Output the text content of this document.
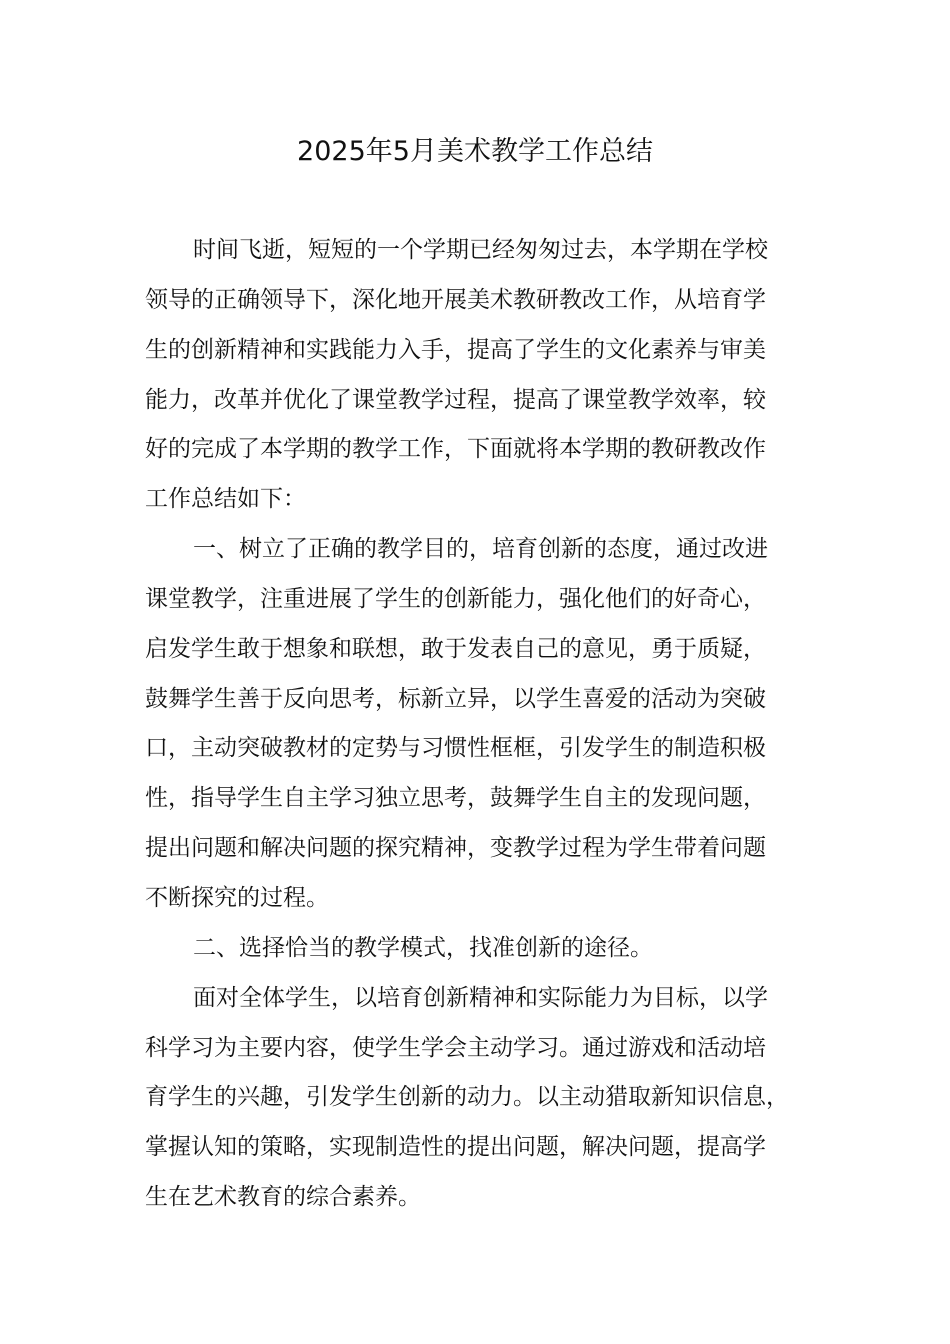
2025年5月美术教学工作总结

时间飞逝，短短的一个学期已经匆匆过去，本学期在学校

领导的正确领导下，深化地开展美术教研教改工作，从培育学

生的创新精神和实践能力入手，提高了学生的文化素养与审美

能力，改革并优化了课堂教学过程，提高了课堂教学效率，较

好的完成了本学期的教学工作，下面就将本学期的教研教改作

工作总结如下：

一、树立了正确的教学目的，培育创新的态度，通过改进

课堂教学，注重进展了学生的创新能力，强化他们的好奇心，

启发学生敢于想象和联想，敢于发表自己的意见，勇于质疑，

鼓舞学生善于反向思考，标新立异，以学生喜爱的活动为突破

口，主动突破教材的定势与习惯性框框，引发学生的制造积极

性，指导学生自主学习独立思考，鼓舞学生自主的发现问题，

提出问题和解决问题的探究精神，变教学过程为学生带着问题

不断探究的过程。

二、选择恰当的教学模式，找准创新的途径。

面对全体学生，以培育创新精神和实际能力为目标，以学

科学习为主要内容，使学生学会主动学习。通过游戏和活动培

育学生的兴趣，引发学生创新的动力。以主动猎取新知识信息，

掌握认知的策略，实现制造性的提出问题，解决问题，提高学

生在艺术教育的综合素养。
